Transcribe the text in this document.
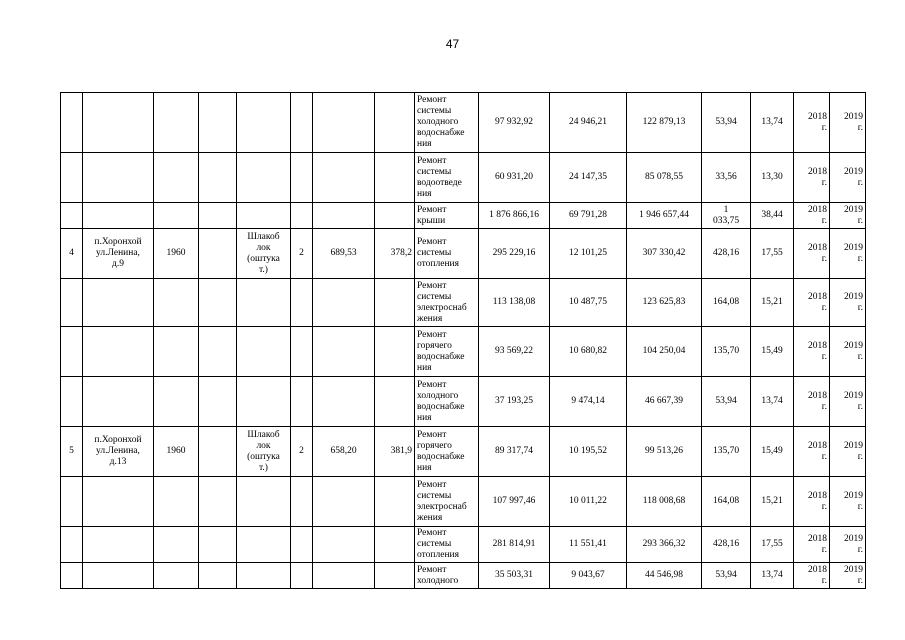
47

								Ремонт
системы
холодного
водоснабже
ния	97 932,92	24 946,21	122 879,13	53,94	13,74	2018
г.	2019
г.

								Ремонт
системы
водоотведе
ния	60 931,20	24 147,35	85 078,55	33,56	13,30	2018
г.	2019
г.

								Ремонт
крыши	1 876 866,16	69 791,28	1 946 657,44	1
033,75	38,44	2018
г.	2019
г.

4	п.Хоронхой
ул.Ленина,
д.9	1960		Шлакоб
лок
(оштука
т.)	2	689,53	378,2	Ремонт
системы
отопления	295 229,16	12 101,25	307 330,42	428,16	17,55	2018
г.	2019
г.

								Ремонт
системы
электроснаб
жения	113 138,08	10 487,75	123 625,83	164,08	15,21	2018
г.	2019
г.

								Ремонт
горячего
водоснабже
ния	93 569,22	10 680,82	104 250,04	135,70	15,49	2018
г.	2019
г.

								Ремонт
холодного
водоснабже
ния	37 193,25	9 474,14	46 667,39	53,94	13,74	2018
г.	2019
г.

5	п.Хоронхой
ул.Ленина,
д.13	1960		Шлакоб
лок
(оштука
т.)	2	658,20	381,9	Ремонт
горячего
водоснабже
ния	89 317,74	10 195,52	99 513,26	135,70	15,49	2018
г.	2019
г.

								Ремонт
системы
электроснаб
жения	107 997,46	10 011,22	118 008,68	164,08	15,21	2018
г.	2019
г.

								Ремонт
системы
отопления	281 814,91	11 551,41	293 366,32	428,16	17,55	2018
г.	2019
г.

								Ремонт
холодного	35 503,31	9 043,67	44 546,98	53,94	13,74	2018
г.	2019
г.
